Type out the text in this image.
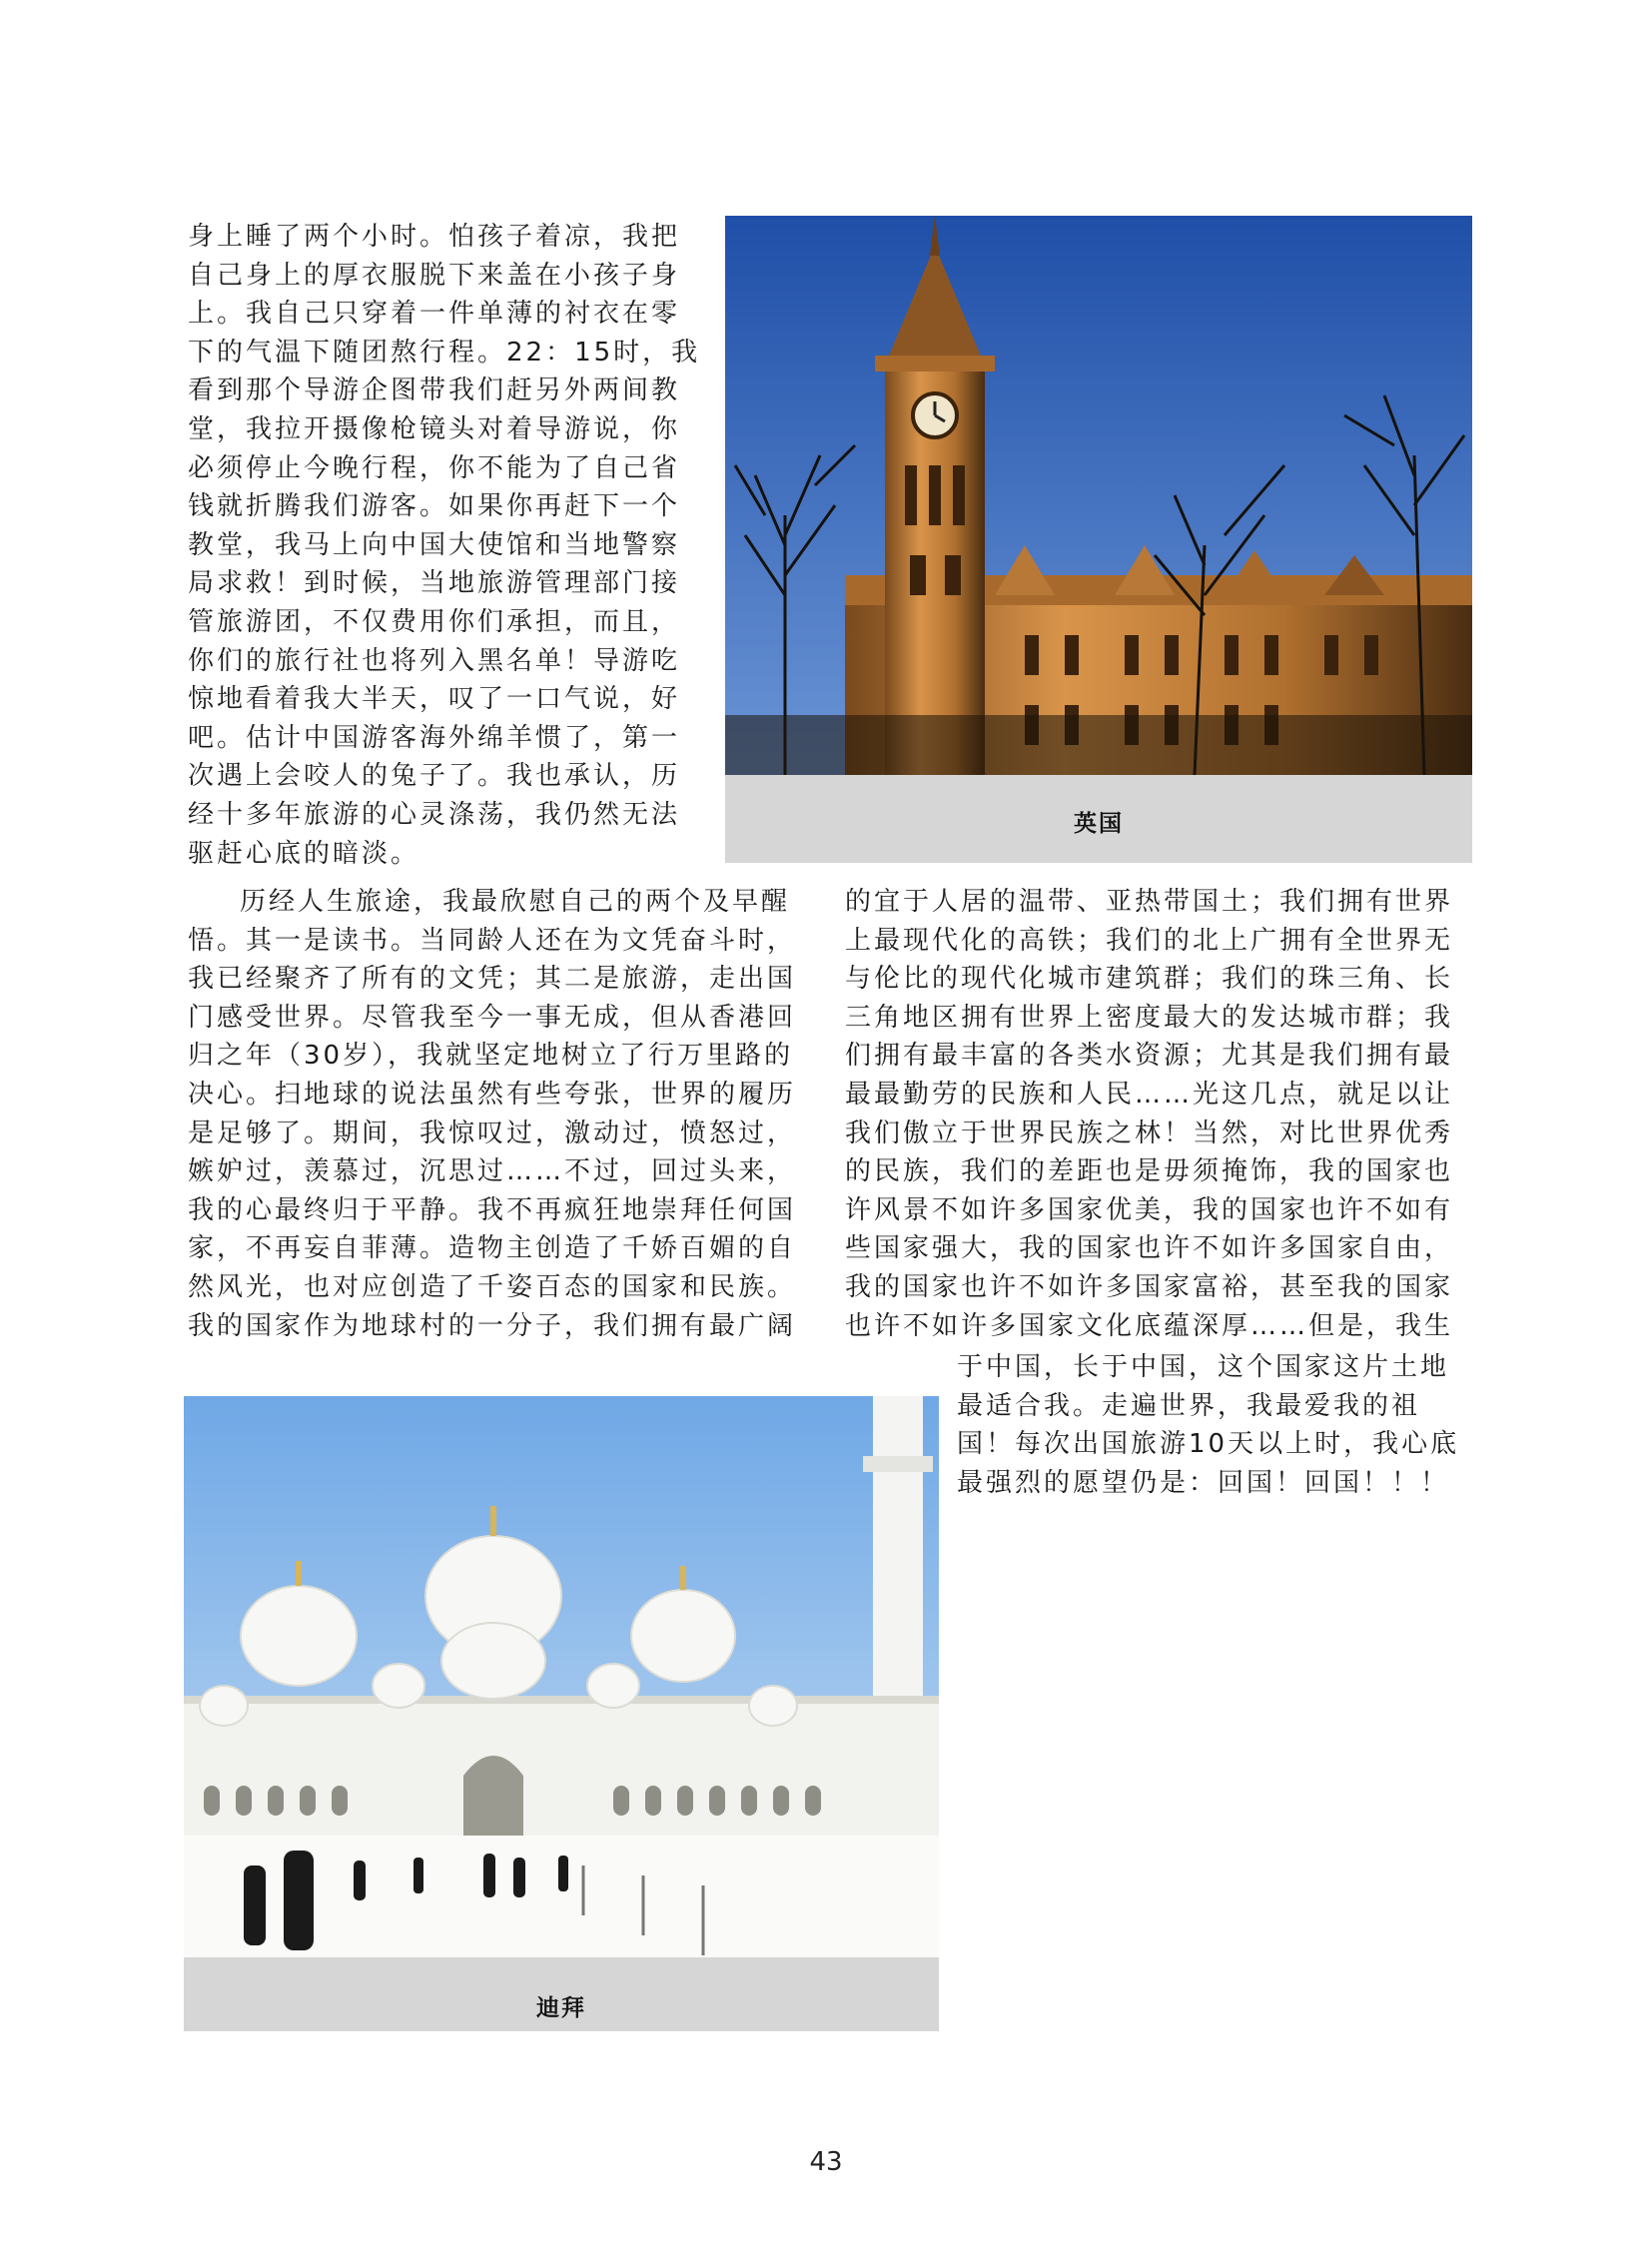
身上睡了两个小时。怕孩子着凉，我把
自己身上的厚衣服脱下来盖在小孩子身
上。我自己只穿着一件单薄的衬衣在零
下的气温下随团熬行程。22：15时，我
看到那个导游企图带我们赶另外两间教
堂，我拉开摄像枪镜头对着导游说，你
必须停止今晚行程，你不能为了自己省
钱就折腾我们游客。如果你再赶下一个
教堂，我马上向中国大使馆和当地警察
局求救！到时候，当地旅游管理部门接
管旅游团，不仅费用你们承担，而且，
你们的旅行社也将列入黑名单！导游吃
惊地看着我大半天，叹了一口气说，好
吧。估计中国游客海外绵羊惯了，第一
次遇上会咬人的兔子了。我也承认，历
经十多年旅游的心灵涤荡，我仍然无法
驱赶心底的暗淡。
历经人生旅途，我最欣慰自己的两个及早醒
悟。其一是读书。当同龄人还在为文凭奋斗时，
我已经聚齐了所有的文凭；其二是旅游，走出国
门感受世界。尽管我至今一事无成，但从香港回
归之年（30岁），我就坚定地树立了行万里路的
决心。扫地球的说法虽然有些夸张，世界的履历
是足够了。期间，我惊叹过，激动过，愤怒过，
嫉妒过，羡慕过，沉思过……不过，回过头来，
我的心最终归于平静。我不再疯狂地崇拜任何国
家，不再妄自菲薄。造物主创造了千娇百媚的自
然风光，也对应创造了千姿百态的国家和民族。
我的国家作为地球村的一分子，我们拥有最广阔
的宜于人居的温带、亚热带国土；我们拥有世界
上最现代化的高铁；我们的北上广拥有全世界无
与伦比的现代化城市建筑群；我们的珠三角、长
三角地区拥有世界上密度最大的发达城市群；我
们拥有最丰富的各类水资源；尤其是我们拥有最
最最勤劳的民族和人民……光这几点，就足以让
我们傲立于世界民族之林！当然，对比世界优秀
的民族，我们的差距也是毋须掩饰，我的国家也
许风景不如许多国家优美，我的国家也许不如有
些国家强大，我的国家也许不如许多国家自由，
我的国家也许不如许多国家富裕，甚至我的国家
也许不如许多国家文化底蕴深厚……但是，我生
于中国，长于中国，这个国家这片土地
最适合我。走遍世界，我最爱我的祖
国！每次出国旅游10天以上时，我心底
最强烈的愿望仍是：回国！回国！！！
英国
迪拜
43
